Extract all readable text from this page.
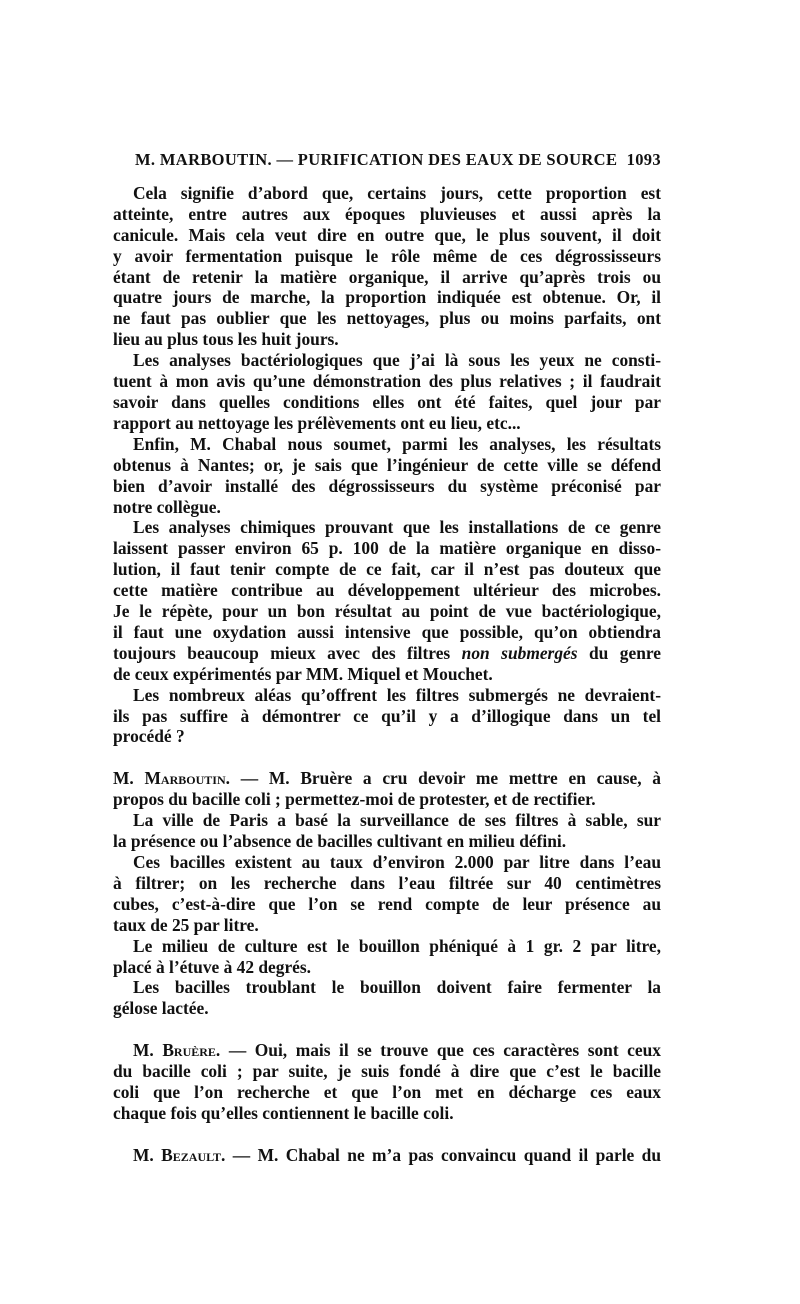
M. MARBOUTIN. — PURIFICATION DES EAUX DE SOURCE 1093
Cela signifie d’abord que, certains jours, cette proportion est
atteinte, entre autres aux époques pluvieuses et aussi après la
canicule. Mais cela veut dire en outre que, le plus souvent, il doit
y avoir fermentation puisque le rôle même de ces dégrossisseurs
étant de retenir la matière organique, il arrive qu’après trois ou
quatre jours de marche, la proportion indiquée est obtenue. Or, il
ne faut pas oublier que les nettoyages, plus ou moins parfaits, ont
lieu au plus tous les huit jours.
Les analyses bactériologiques que j’ai là sous les yeux ne consti-
tuent à mon avis qu’une démonstration des plus relatives ; il faudrait
savoir dans quelles conditions elles ont été faites, quel jour par
rapport au nettoyage les prélèvements ont eu lieu, etc...
Enfin, M. Chabal nous soumet, parmi les analyses, les résultats
obtenus à Nantes; or, je sais que l’ingénieur de cette ville se défend
bien d’avoir installé des dégrossisseurs du système préconisé par
notre collègue.
Les analyses chimiques prouvant que les installations de ce genre
laissent passer environ 65 p. 100 de la matière organique en disso-
lution, il faut tenir compte de ce fait, car il n’est pas douteux que
cette matière contribue au développement ultérieur des microbes.
Je le répète, pour un bon résultat au point de vue bactériologique,
il faut une oxydation aussi intensive que possible, qu’on obtiendra
toujours beaucoup mieux avec des filtres non submergés du genre
de ceux expérimentés par MM. Miquel et Mouchet.
Les nombreux aléas qu’offrent les filtres submergés ne devraient-
ils pas suffire à démontrer ce qu’il y a d’illogique dans un tel
procédé ?
M. Marboutin. — M. Bruère a cru devoir me mettre en cause, à
propos du bacille coli ; permettez-moi de protester, et de rectifier.
La ville de Paris a basé la surveillance de ses filtres à sable, sur
la présence ou l’absence de bacilles cultivant en milieu défini.
Ces bacilles existent au taux d’environ 2.000 par litre dans l’eau
à filtrer; on les recherche dans l’eau filtrée sur 40 centimètres
cubes, c’est-à-dire que l’on se rend compte de leur présence au
taux de 25 par litre.
Le milieu de culture est le bouillon phéniqué à 1 gr. 2 par litre,
placé à l’étuve à 42 degrés.
Les bacilles troublant le bouillon doivent faire fermenter la
gélose lactée.
M. Bruère. — Oui, mais il se trouve que ces caractères sont ceux
du bacille coli ; par suite, je suis fondé à dire que c’est le bacille
coli que l’on recherche et que l’on met en décharge ces eaux
chaque fois qu’elles contiennent le bacille coli.
M. Bezault. — M. Chabal ne m’a pas convaincu quand il parle du
